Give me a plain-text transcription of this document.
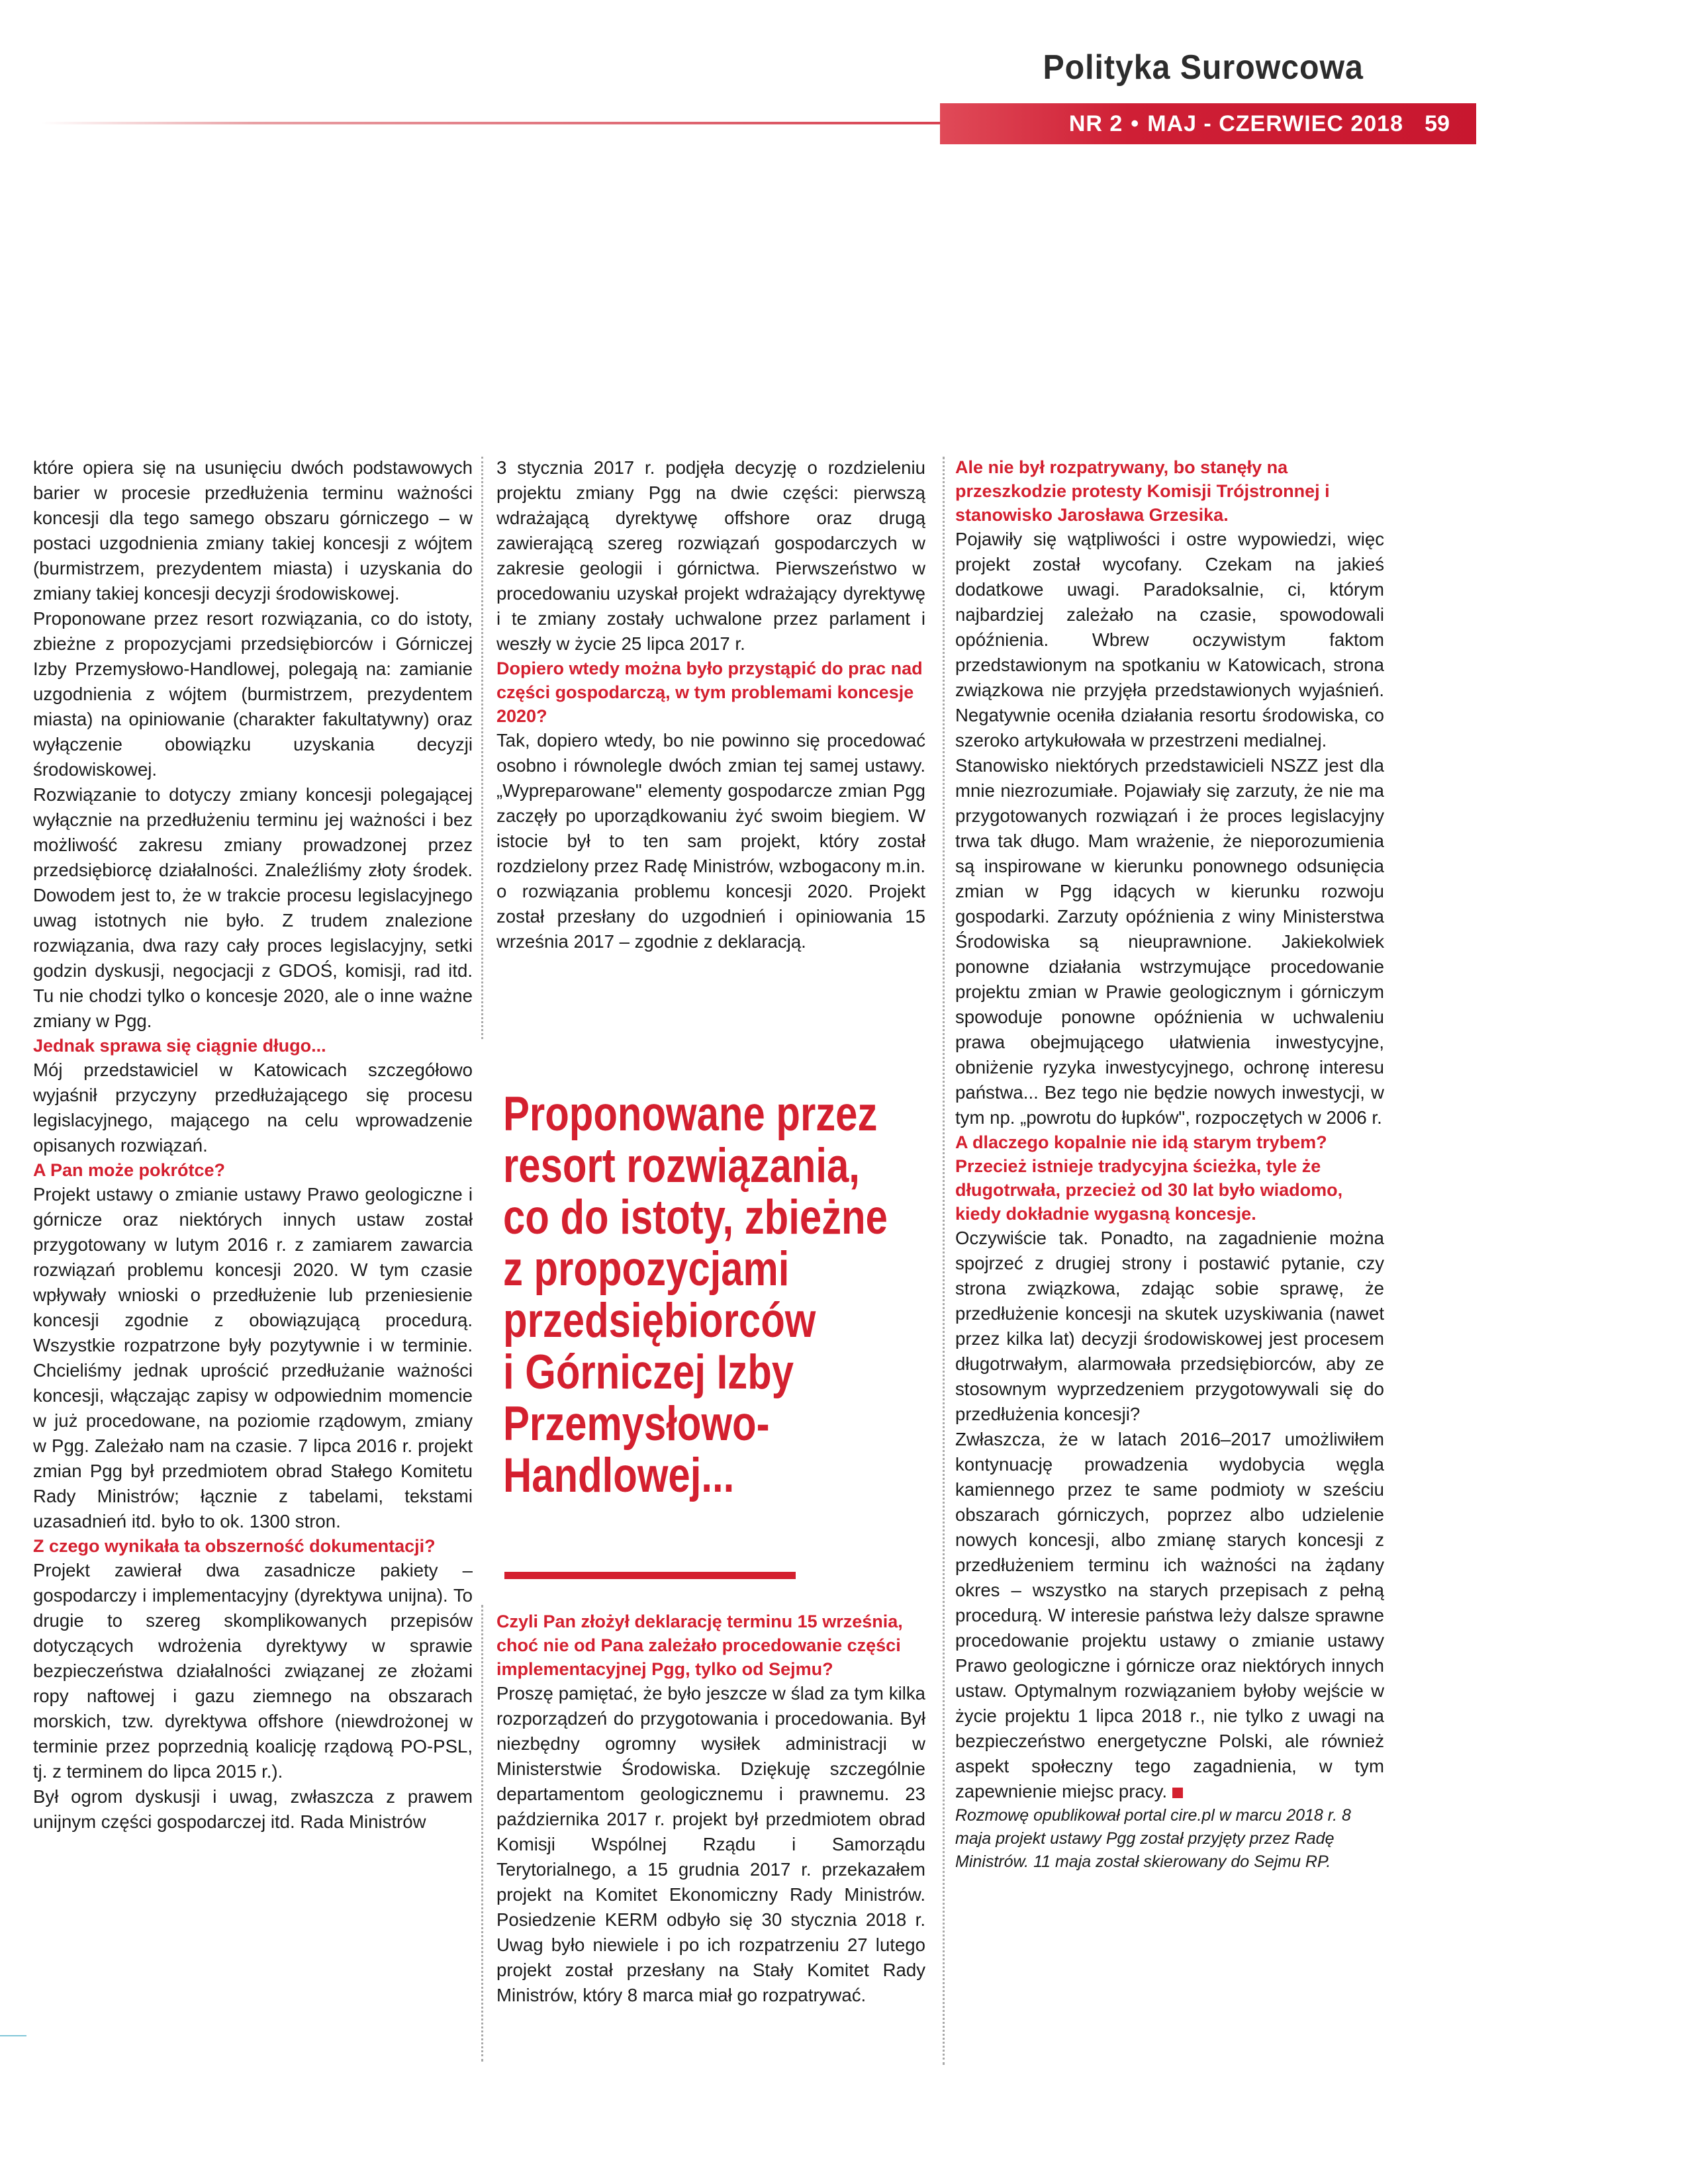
Polityka Surowcowa
NR 2 • MAJ - CZERWIEC 2018 59

które opiera się na usunięciu dwóch podstawowych barier w procesie przedłużenia terminu ważności koncesji dla tego samego obszaru górniczego – w postaci uzgodnienia zmiany takiej koncesji z wójtem (burmistrzem, prezydentem miasta) i uzyskania do zmiany takiej koncesji decyzji środowiskowej.

Proponowane przez resort rozwiązania, co do istoty, zbieżne z propozycjami przedsiębiorców i Górniczej Izby Przemysłowo-Handlowej, polegają na: zamianie uzgodnienia z wójtem (burmistrzem, prezydentem miasta) na opiniowanie (charakter fakultatywny) oraz wyłączenie obowiązku uzyskania decyzji środowiskowej.

Rozwiązanie to dotyczy zmiany koncesji polegającej wyłącznie na przedłużeniu terminu jej ważności i bez możliwość zakresu zmiany prowadzonej przez przedsiębiorcę działalności. Znaleźliśmy złoty środek. Dowodem jest to, że w trakcie procesu legislacyjnego uwag istotnych nie było. Z trudem znalezione rozwiązania, dwa razy cały proces legislacyjny, setki godzin dyskusji, negocjacji z GDOŚ, komisji, rad itd. Tu nie chodzi tylko o koncesje 2020, ale o inne ważne zmiany w Pgg.

Jednak sprawa się ciągnie długo...

Mój przedstawiciel w Katowicach szczegółowo wyjaśnił przyczyny przedłużającego się procesu legislacyjnego, mającego na celu wprowadzenie opisanych rozwiązań.

A Pan może pokrótce?

Projekt ustawy o zmianie ustawy Prawo geologiczne i górnicze oraz niektórych innych ustaw został przygotowany w lutym 2016 r. z zamiarem zawarcia rozwiązań problemu koncesji 2020. W tym czasie wpływały wnioski o przedłużenie lub przeniesienie koncesji zgodnie z obowiązującą procedurą. Wszystkie rozpatrzone były pozytywnie i w terminie. Chcieliśmy jednak uprościć przedłużanie ważności koncesji, włączając zapisy w odpowiednim momencie w już procedowane, na poziomie rządowym, zmiany w Pgg. Zależało nam na czasie. 7 lipca 2016 r. projekt zmian Pgg był przedmiotem obrad Stałego Komitetu Rady Ministrów; łącznie z tabelami, tekstami uzasadnień itd. było to ok. 1300 stron.

Z czego wynikała ta obszerność dokumentacji?

Projekt zawierał dwa zasadnicze pakiety – gospodarczy i implementacyjny (dyrektywa unijna). To drugie to szereg skomplikowanych przepisów dotyczących wdrożenia dyrektywy w sprawie bezpieczeństwa działalności związanej ze złożami ropy naftowej i gazu ziemnego na obszarach morskich, tzw. dyrektywa offshore (niewdrożonej w terminie przez poprzednią koalicję rządową PO-PSL, tj. z terminem do lipca 2015 r.).

Był ogrom dyskusji i uwag, zwłaszcza z prawem unijnym części gospodarczej itd. Rada Ministrów

3 stycznia 2017 r. podjęła decyzję o rozdzieleniu projektu zmiany Pgg na dwie części: pierwszą wdrażającą dyrektywę offshore oraz drugą zawierającą szereg rozwiązań gospodarczych w zakresie geologii i górnictwa. Pierwszeństwo w procedowaniu uzyskał projekt wdrażający dyrektywę i te zmiany zostały uchwalone przez parlament i weszły w życie 25 lipca 2017 r.

Dopiero wtedy można było przystąpić do prac nad części gospodarczą, w tym problemami koncesje 2020?

Tak, dopiero wtedy, bo nie powinno się procedować osobno i równolegle dwóch zmian tej samej ustawy. „Wypreparowane" elementy gospodarcze zmian Pgg zaczęły po uporządkowaniu żyć swoim biegiem. W istocie był to ten sam projekt, który został rozdzielony przez Radę Ministrów, wzbogacony m.in. o rozwiązania problemu koncesji 2020. Projekt został przesłany do uzgodnień i opiniowania 15 września 2017 – zgodnie z deklaracją.

Proponowane przez
resort rozwiązania,
co do istoty, zbieżne
z propozycjami
przedsiębiorców
i Górniczej Izby
Przemysłowo-
Handlowej...

Czyli Pan złożył deklarację terminu 15 września, choć nie od Pana zależało procedowanie części implementacyjnej Pgg, tylko od Sejmu?

Proszę pamiętać, że było jeszcze w ślad za tym kilka rozporządzeń do przygotowania i procedowania. Był niezbędny ogromny wysiłek administracji w Ministerstwie Środowiska. Dziękuję szczególnie departamentom geologicznemu i prawnemu. 23 października 2017 r. projekt był przedmiotem obrad Komisji Wspólnej Rządu i Samorządu Terytorialnego, a 15 grudnia 2017 r. przekazałem projekt na Komitet Ekonomiczny Rady Ministrów. Posiedzenie KERM odbyło się 30 stycznia 2018 r. Uwag było niewiele i po ich rozpatrzeniu 27 lutego projekt został przesłany na Stały Komitet Rady Ministrów, który 8 marca miał go rozpatrywać.

Ale nie był rozpatrywany, bo stanęły na przeszkodzie protesty Komisji Trójstronnej i stanowisko Jarosława Grzesika.

Pojawiły się wątpliwości i ostre wypowiedzi, więc projekt został wycofany. Czekam na jakieś dodatkowe uwagi. Paradoksalnie, ci, którym najbardziej zależało na czasie, spowodowali opóźnienia. Wbrew oczywistym faktom przedstawionym na spotkaniu w Katowicach, strona związkowa nie przyjęła przedstawionych wyjaśnień. Negatywnie oceniła działania resortu środowiska, co szeroko artykułowała w przestrzeni medialnej.

Stanowisko niektórych przedstawicieli NSZZ jest dla mnie niezrozumiałe. Pojawiały się zarzuty, że nie ma przygotowanych rozwiązań i że proces legislacyjny trwa tak długo. Mam wrażenie, że nieporozumienia są inspirowane w kierunku ponownego odsunięcia zmian w Pgg idących w kierunku rozwoju gospodarki. Zarzuty opóźnienia z winy Ministerstwa Środowiska są nieuprawnione. Jakiekolwiek ponowne działania wstrzymujące procedowanie projektu zmian w Prawie geologicznym i górniczym spowoduje ponowne opóźnienia w uchwaleniu prawa obejmującego ułatwienia inwestycyjne, obniżenie ryzyka inwestycyjnego, ochronę interesu państwa... Bez tego nie będzie nowych inwestycji, w tym np. „powrotu do łupków", rozpoczętych w 2006 r.

A dlaczego kopalnie nie idą starym trybem? Przecież istnieje tradycyjna ścieżka, tyle że długotrwała, przecież od 30 lat było wiadomo, kiedy dokładnie wygasną koncesje.

Oczywiście tak. Ponadto, na zagadnienie można spojrzeć z drugiej strony i postawić pytanie, czy strona związkowa, zdając sobie sprawę, że przedłużenie koncesji na skutek uzyskiwania (nawet przez kilka lat) decyzji środowiskowej jest procesem długotrwałym, alarmowała przedsiębiorców, aby ze stosownym wyprzedzeniem przygotowywali się do przedłużenia koncesji?

Zwłaszcza, że w latach 2016–2017 umożliwiłem kontynuację prowadzenia wydobycia węgla kamiennego przez te same podmioty w sześciu obszarach górniczych, poprzez albo udzielenie nowych koncesji, albo zmianę starych koncesji z przedłużeniem terminu ich ważności na żądany okres – wszystko na starych przepisach z pełną procedurą. W interesie państwa leży dalsze sprawne procedowanie projektu ustawy o zmianie ustawy Prawo geologiczne i górnicze oraz niektórych innych ustaw. Optymalnym rozwiązaniem byłoby wejście w życie projektu 1 lipca 2018 r., nie tylko z uwagi na bezpieczeństwo energetyczne Polski, ale również aspekt społeczny tego zagadnienia, w tym zapewnienie miejsc pracy.

Rozmowę opublikował portal cire.pl w marcu 2018 r. 8 maja projekt ustawy Pgg został przyjęty przez Radę Ministrów. 11 maja został skierowany do Sejmu RP.
